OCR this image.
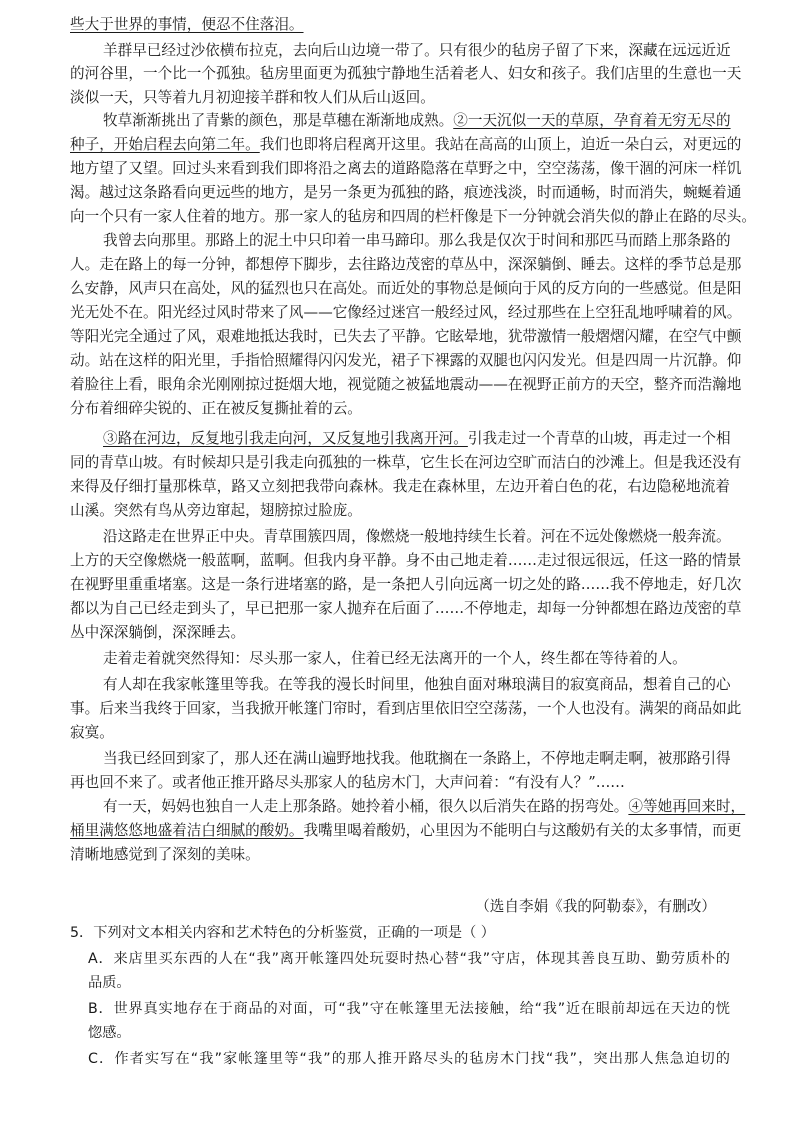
些大于世界的事情，便忍不住落泪。
羊群早已经过沙依横布拉克，去向后山边境一带了。只有很少的毡房子留了下来，深藏在远远近近
的河谷里，一个比一个孤独。毡房里面更为孤独宁静地生活着老人、妇女和孩子。我们店里的生意也一天
淡似一天，只等着九月初迎接羊群和牧人们从后山返回。
牧草渐渐挑出了青紫的颜色，那是草穗在渐渐地成熟。②一天沉似一天的草原，孕育着无穷无尽的
种子，开始启程去向第二年。我们也即将启程离开这里。我站在高高的山顶上，迫近一朵白云，对更远的
地方望了又望。回过头来看到我们即将沿之离去的道路隐落在草野之中，空空荡荡，像干涸的河床一样饥
渴。越过这条路看向更远些的地方，是另一条更为孤独的路，痕迹浅淡，时而通畅，时而消失，蜿蜒着通
向一个只有一家人住着的地方。那一家人的毡房和四周的栏杆像是下一分钟就会消失似的静止在路的尽头。
我曾去向那里。那路上的泥土中只印着一串马蹄印。那么我是仅次于时间和那匹马而踏上那条路的
人。走在路上的每一分钟，都想停下脚步，去往路边茂密的草丛中，深深躺倒、睡去。这样的季节总是那
么安静，风声只在高处，风的猛烈也只在高处。而近处的事物总是倾向于风的反方向的一些感觉。但是阳
光无处不在。阳光经过风时带来了风——它像经过迷宫一般经过风，经过那些在上空狂乱地呼啸着的风。
等阳光完全通过了风，艰难地抵达我时，已失去了平静。它眩晕地，犹带激情一般熠熠闪耀，在空气中颤
动。站在这样的阳光里，手指恰照耀得闪闪发光，裙子下裸露的双腿也闪闪发光。但是四周一片沉静。仰
着脸往上看，眼角余光刚刚掠过挺烟大地，视觉随之被猛地震动——在视野正前方的天空，整齐而浩瀚地
分布着细碎尖锐的、正在被反复撕扯着的云。
③路在河边，反复地引我走向河，又反复地引我离开河。引我走过一个青草的山坡，再走过一个相
同的青草山坡。有时候却只是引我走向孤独的一株草，它生长在河边空旷而洁白的沙滩上。但是我还没有
来得及仔细打量那株草，路又立刻把我带向森林。我走在森林里，左边开着白色的花，右边隐秘地流着
山溪。突然有鸟从旁边窜起，翅膀掠过脸庞。
沿这路走在世界正中央。青草围簇四周，像燃烧一般地持续生长着。河在不远处像燃烧一般奔流。
上方的天空像燃烧一般蓝啊，蓝啊。但我内身平静。身不由己地走着……走过很远很远，任这一路的情景
在视野里重重堵塞。这是一条行进堵塞的路，是一条把人引向远离一切之处的路……我不停地走，好几次
都以为自己已经走到头了，早已把那一家人抛弃在后面了……不停地走，却每一分钟都想在路边茂密的草
丛中深深躺倒，深深睡去。
走着走着就突然得知：尽头那一家人，住着已经无法离开的一个人，终生都在等待着的人。
有人却在我家帐篷里等我。在等我的漫长时间里，他独自面对琳琅满目的寂寞商品，想着自己的心
事。后来当我终于回家，当我掀开帐篷门帘时，看到店里依旧空空荡荡，一个人也没有。满架的商品如此
寂寞。
当我已经回到家了，那人还在满山遍野地找我。他耽搁在一条路上，不停地走啊走啊，被那路引得
再也回不来了。或者他正推开路尽头那家人的毡房木门，大声问着：“有没有人？”……
有一天，妈妈也独自一人走上那条路。她拎着小桶，很久以后消失在路的拐弯处。④等她再回来时，
桶里满悠悠地盛着洁白细腻的酸奶。我嘴里喝着酸奶，心里因为不能明白与这酸奶有关的太多事情，而更
清晰地感觉到了深刻的美味。
（选自李娟《我的阿勒泰》，有删改）
5．下列对文本相关内容和艺术特色的分析鉴赏，正确的一项是（ ）
A．来店里买东西的人在“我”离开帐篷四处玩耍时热心替“我”守店，体现其善良互助、勤劳质朴的
品质。
B．世界真实地存在于商品的对面，可“我”守在帐篷里无法接触，给“我”近在眼前却远在天边的恍
惚感。
C．作者实写在“我”家帐篷里等“我”的那人推开路尽头的毡房木门找“我”，突出那人焦急迫切的
